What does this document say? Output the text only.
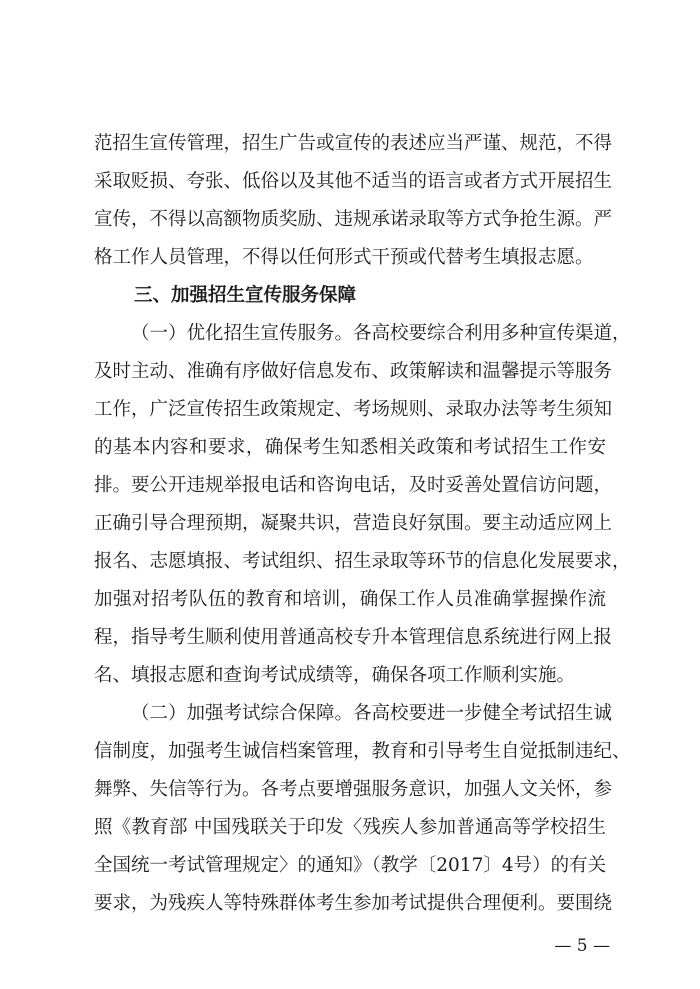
范招生宣传管理，招生广告或宣传的表述应当严谨、规范，不得
采取贬损、夸张、低俗以及其他不适当的语言或者方式开展招生
宣传，不得以高额物质奖励、违规承诺录取等方式争抢生源。严
格工作人员管理，不得以任何形式干预或代替考生填报志愿。
三、加强招生宣传服务保障
（一）优化招生宣传服务。各高校要综合利用多种宣传渠道，
及时主动、准确有序做好信息发布、政策解读和温馨提示等服务
工作，广泛宣传招生政策规定、考场规则、录取办法等考生须知
的基本内容和要求，确保考生知悉相关政策和考试招生工作安
排。要公开违规举报电话和咨询电话，及时妥善处置信访问题，
正确引导合理预期，凝聚共识，营造良好氛围。要主动适应网上
报名、志愿填报、考试组织、招生录取等环节的信息化发展要求，
加强对招考队伍的教育和培训，确保工作人员准确掌握操作流
程，指导考生顺利使用普通高校专升本管理信息系统进行网上报
名、填报志愿和查询考试成绩等，确保各项工作顺利实施。
（二）加强考试综合保障。各高校要进一步健全考试招生诚
信制度，加强考生诚信档案管理，教育和引导考生自觉抵制违纪、
舞弊、失信等行为。各考点要增强服务意识，加强人文关怀，参
照《教育部 中国残联关于印发〈残疾人参加普通高等学校招生
全国统一考试管理规定〉的通知》（教学〔2017〕4号）的有关
要求，为残疾人等特殊群体考生参加考试提供合理便利。要围绕
— 5 —
